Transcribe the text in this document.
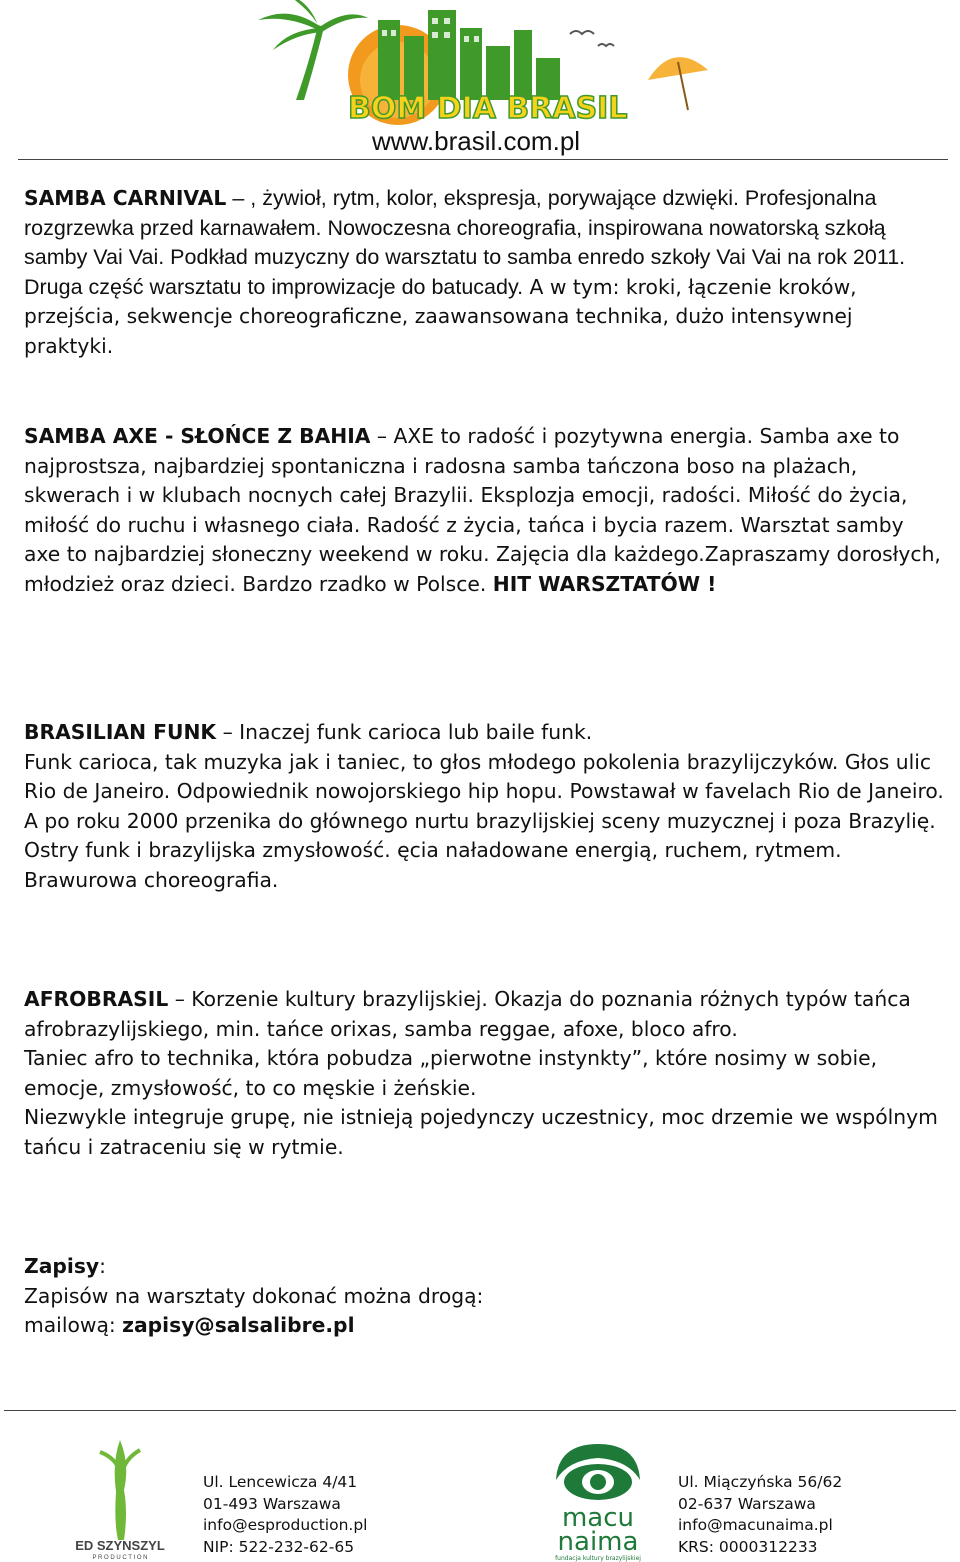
BOM DIA BRASIL
www.brasil.com.pl

SAMBA CARNIVAL – , żywioł, rytm, kolor, ekspresja, porywające dzwięki. Profesjonalna rozgrzewka przed karnawałem. Nowoczesna choreografia, inspirowana nowatorską szkołą samby Vai Vai. Podkład muzyczny do warsztatu to samba enredo szkoły Vai Vai na rok 2011. Druga część warsztatu to improwizacje do batucady. A w tym: kroki, łączenie kroków, przejścia, sekwencje choreograficzne, zaawansowana technika, dużo intensywnej praktyki.

SAMBA AXE - SŁOŃCE Z BAHIA – AXE to radość i pozytywna energia. Samba axe to najprostsza, najbardziej spontaniczna i radosna samba tańczona boso na plażach, skwerach i w klubach nocnych całej Brazylii. Eksplozja emocji, radości. Miłość do życia, miłość do ruchu i własnego ciała. Radość z życia, tańca i bycia razem. Warsztat samby axe to najbardziej słoneczny weekend w roku. Zajęcia dla każdego.Zapraszamy dorosłych, młodzież oraz dzieci. Bardzo rzadko w Polsce. HIT WARSZTATÓW !

BRASILIAN FUNK – Inaczej funk carioca lub baile funk.

Funk carioca, tak muzyka jak i taniec, to głos młodego pokolenia brazylijczyków. Głos ulic Rio de Janeiro. Odpowiednik nowojorskiego hip hopu. Powstawał w favelach Rio de Janeiro. A po roku 2000 przenika do głównego nurtu brazylijskiej sceny muzycznej i poza Brazylię.

Ostry funk i brazylijska zmysłowość. ęcia naładowane energią, ruchem, rytmem. Brawurowa choreografia.

AFROBRASIL – Korzenie kultury brazylijskiej. Okazja do poznania różnych typów tańca afrobrazylijskiego, min. tańce orixas, samba reggae, afoxe, bloco afro.

Taniec afro to technika, która pobudza „pierwotne instynkty”, które nosimy w sobie, emocje, zmysłowość, to co męskie i żeńskie.

Niezwykle integruje grupę, nie istnieją pojedynczy uczestnicy, moc drzemie we wspólnym tańcu i zatraceniu się w rytmie.

Zapisy:

Zapisów na warsztaty dokonać można drogą:

mailową: zapisy@salsalibre.pl

ED SZYNSZYL
P R O D U C T I O N
Ul. Lencewicza 4/41
01-493 Warszawa
info@esproduction.pl
NIP: 522-232-62-65
macu
naima
fundacja kultury brazylijskiej
Ul. Miączyńska 56/62
02-637 Warszawa
info@macunaima.pl
KRS: 0000312233
